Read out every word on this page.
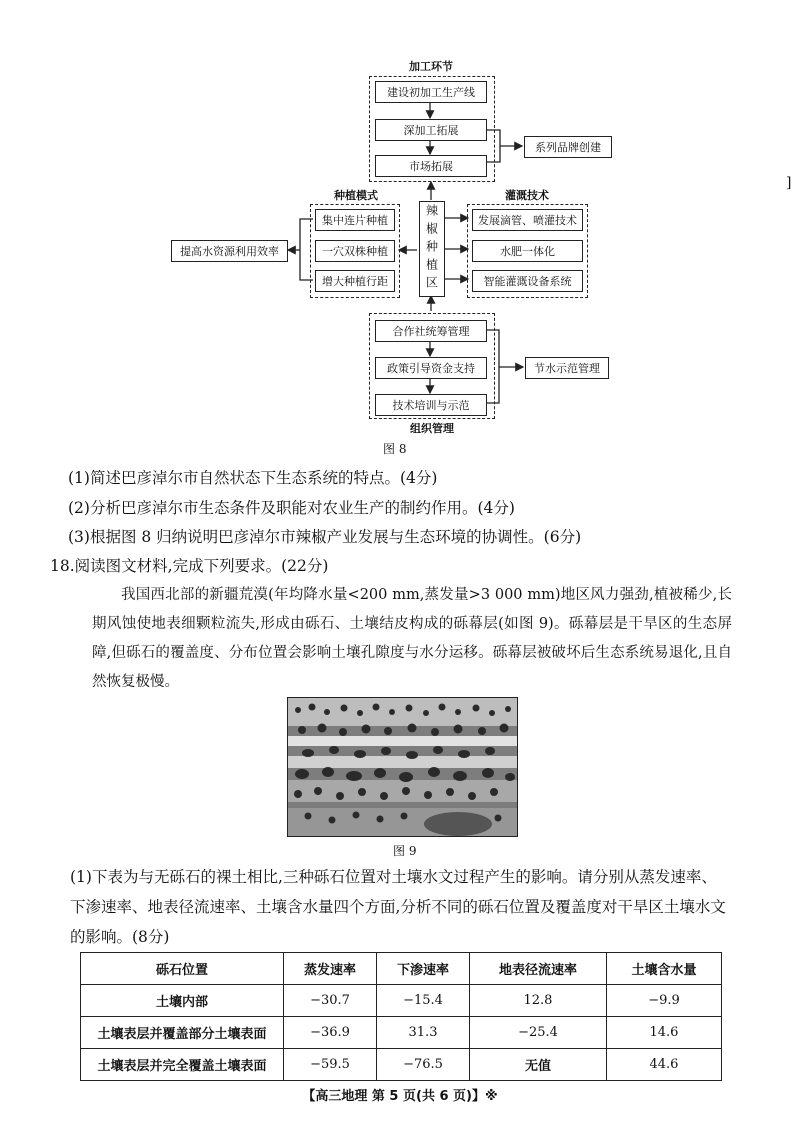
加工环节
建设初加工生产线
深加工拓展
市场拓展
系列品牌创建
种植模式
集中连片种植
一穴双株种植
增大种植行距
提高水资源利用效率	辣椒种植区
灌溉技术
发展滴管、喷灌技术
水肥一体化
智能灌溉设备系统
合作社统筹管理
政策引导资金支持
技术培训与示范
节水示范管理
组织管理
图 8
]
(1)简述巴彦淖尔市自然状态下生态系统的特点。(4分)
(2)分析巴彦淖尔市生态条件及职能对农业生产的制约作用。(4分)
(3)根据图 8 归纳说明巴彦淖尔市辣椒产业发展与生态环境的协调性。(6分)
18.阅读图文材料,完成下列要求。(22分)
我国西北部的新疆荒漠(年均降水量<200 mm,蒸发量>3 000 mm)地区风力强劲,植被稀少,长期风蚀使地表细颗粒流失,形成由砾石、土壤结皮构成的砾幕层(如图 9)。砾幕层是干旱区的生态屏障,但砾石的覆盖度、分布位置会影响土壤孔隙度与水分运移。砾幕层被破坏后生态系统易退化,且自然恢复极慢。
图 9
(1)下表为与无砾石的裸土相比,三种砾石位置对土壤水文过程产生的影响。请分别从蒸发速率、下渗速率、地表径流速率、土壤含水量四个方面,分析不同的砾石位置及覆盖度对干旱区土壤水文的影响。(8分)
砾石位置	蒸发速率	下渗速率	地表径流速率	土壤含水量
土壤内部	−30.7	−15.4	12.8	−9.9
土壤表层并覆盖部分土壤表面	−36.9	31.3	−25.4	14.6
土壤表层并完全覆盖土壤表面	−59.5	−76.5	无值	44.6
【高三地理 第 5 页(共 6 页)】※
